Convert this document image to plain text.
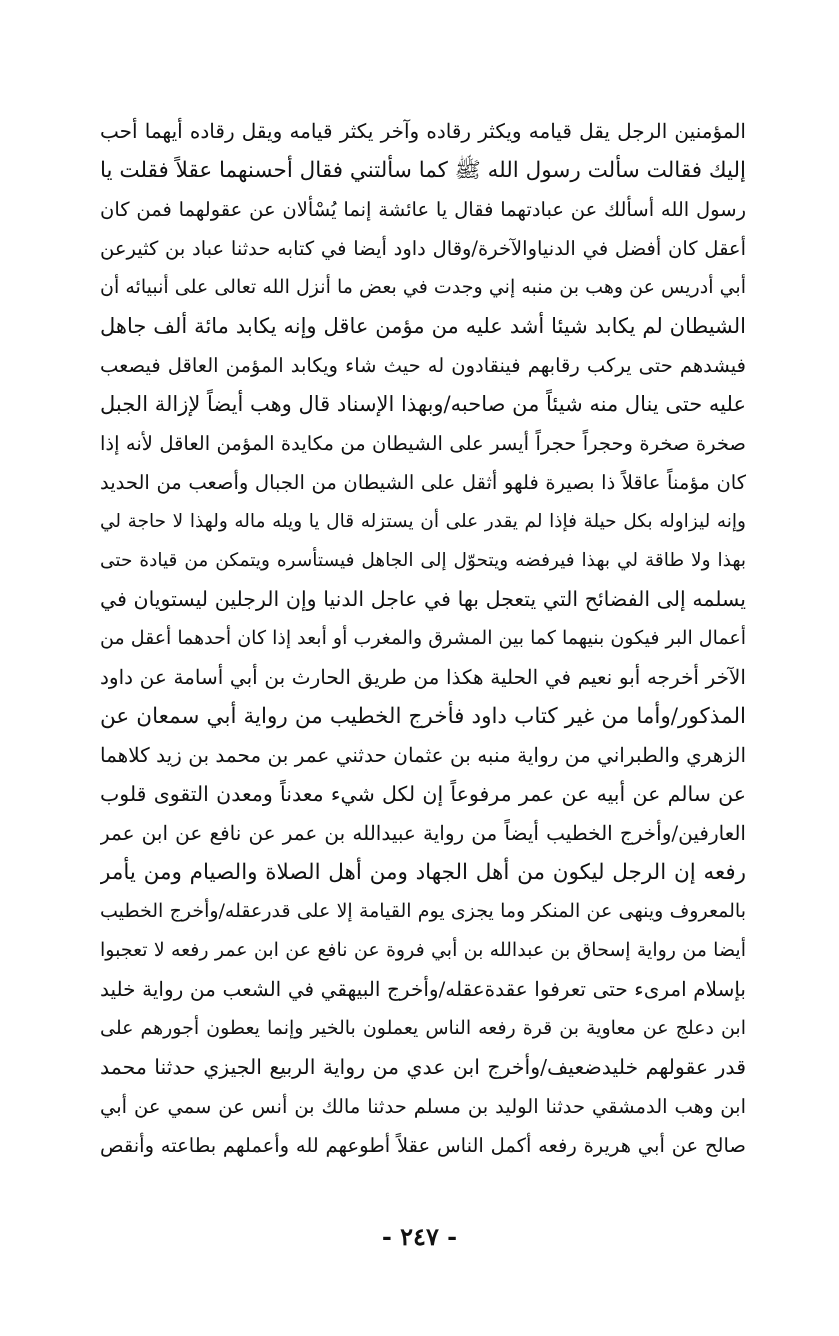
المؤمنين الرجل يقل قيامه ويكثر رقاده وآخر يكثر قيامه ويقل رقاده أيهما أحب
إليك فقالت سألت رسول الله ﷺ كما سألتني فقال أحسنهما عقلاً فقلت يا
رسول الله أسألك عن عبادتهما فقال يا عائشة إنما يُسْألان عن عقولهما فمن كان
أعقل كان أفضل في الدنياوالآخرة/وقال داود أيضا في كتابه حدثنا عباد بن كثيرعن
أبي أدريس عن وهب بن منبه إني وجدت في بعض ما أنزل الله تعالى على أنبيائه أن
الشيطان لم يكابد شيئا أشد عليه من مؤمن عاقل وإنه يكابد مائة ألف جاهل
فيشدهم حتى يركب رقابهم فينقادون له حيث شاء ويكابد المؤمن العاقل فيصعب
عليه حتى ينال منه شيئاً من صاحبه/وبهذا الإسناد قال وهب أيضاً لإزالة الجبل
صخرة صخرة وحجراً حجراً أيسر على الشيطان من مكايدة المؤمن العاقل لأنه إذا
كان مؤمناً عاقلاً ذا بصيرة فلهو أثقل على الشيطان من الجبال وأصعب من الحديد
وإنه ليزاوله بكل حيلة فإذا لم يقدر على أن يستزله قال يا ويله ماله ولهذا لا حاجة لي
بهذا ولا طاقة لي بهذا فيرفضه ويتحوّل إلى الجاهل فيستأسره ويتمكن من قيادة حتى
يسلمه إلى الفضائح التي يتعجل بها في عاجل الدنيا وإن الرجلين ليستويان في
أعمال البر فيكون بنيهما كما بين المشرق والمغرب أو أبعد إذا كان أحدهما أعقل من
الآخر أخرجه أبو نعيم في الحلية هكذا من طريق الحارث بن أبي أسامة عن داود
المذكور/وأما من غير كتاب داود فأخرج الخطيب من رواية أبي سمعان عن
الزهري والطبراني من رواية منبه بن عثمان حدثني عمر بن محمد بن زيد كلاهما
عن سالم عن أبيه عن عمر مرفوعاً إن لكل شيء معدناً ومعدن التقوى قلوب
العارفين/وأخرج الخطيب أيضاً من رواية عبيدالله بن عمر عن نافع عن ابن عمر
رفعه إن الرجل ليكون من أهل الجهاد ومن أهل الصلاة والصيام ومن يأمر
بالمعروف وينهى عن المنكر وما يجزى يوم القيامة إلا على قدرعقله/وأخرج الخطيب
أيضا من رواية إسحاق بن عبدالله بن أبي فروة عن نافع عن ابن عمر رفعه لا تعجبوا
بإسلام امرىء حتى تعرفوا عقدةعقله/وأخرج البيهقي في الشعب من رواية خليد
ابن دعلج عن معاوية بن قرة رفعه الناس يعملون بالخير وإنما يعطون أجورهم على
قدر عقولهم خليدضعيف/وأخرج ابن عدي من رواية الربيع الجيزي حدثنا محمد
ابن وهب الدمشقي حدثنا الوليد بن مسلم حدثنا مالك بن أنس عن سمي عن أبي
صالح عن أبي هريرة رفعه أكمل الناس عقلاً أطوعهم لله وأعملهم بطاعته وأنقص
- ٢٤٧ -
